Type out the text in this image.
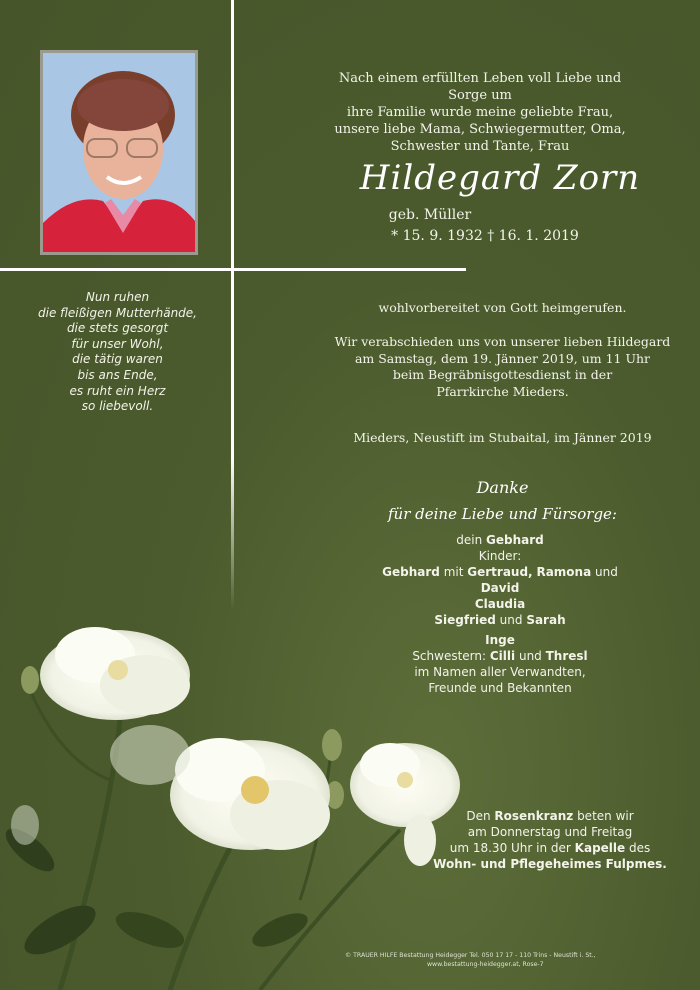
Nach einem erfüllten Leben voll Liebe und Sorge um
ihre Familie wurde meine geliebte Frau,
unsere liebe Mama, Schwiegermutter, Oma,
Schwester und Tante, Frau
Hildegard Zorn
geb. Müller
* 15. 9. 1932 † 16. 1. 2019
Nun ruhen
die fleißigen Mutterhände,
die stets gesorgt
für unser Wohl,
die tätig waren
bis ans Ende,
es ruht ein Herz
so liebevoll.
wohlvorbereitet von Gott heimgerufen.
Wir verabschieden uns von unserer lieben Hildegard
am Samstag, dem 19. Jänner 2019, um 11 Uhr
beim Begräbnisgottesdienst in der
Pfarrkirche Mieders.
Mieders, Neustift im Stubaital, im Jänner 2019
Danke
für deine Liebe und Fürsorge:
dein Gebhard
Kinder:
Gebhard mit Gertraud, Ramona und David
Claudia
Siegfried und Sarah
Inge
Schwestern: Cilli und Thresl
im Namen aller Verwandten,
Freunde und Bekannten
Den Rosenkranz beten wir
am Donnerstag und Freitag
um 18.30 Uhr in der Kapelle des
Wohn- und Pflegeheimes Fulpmes.
© TRAUER HILFE Bestattung Heidegger Tel. 050 17 17 - 110 Trins - Neustift i. St.,
www.bestattung-heidegger.at, Rose-7
